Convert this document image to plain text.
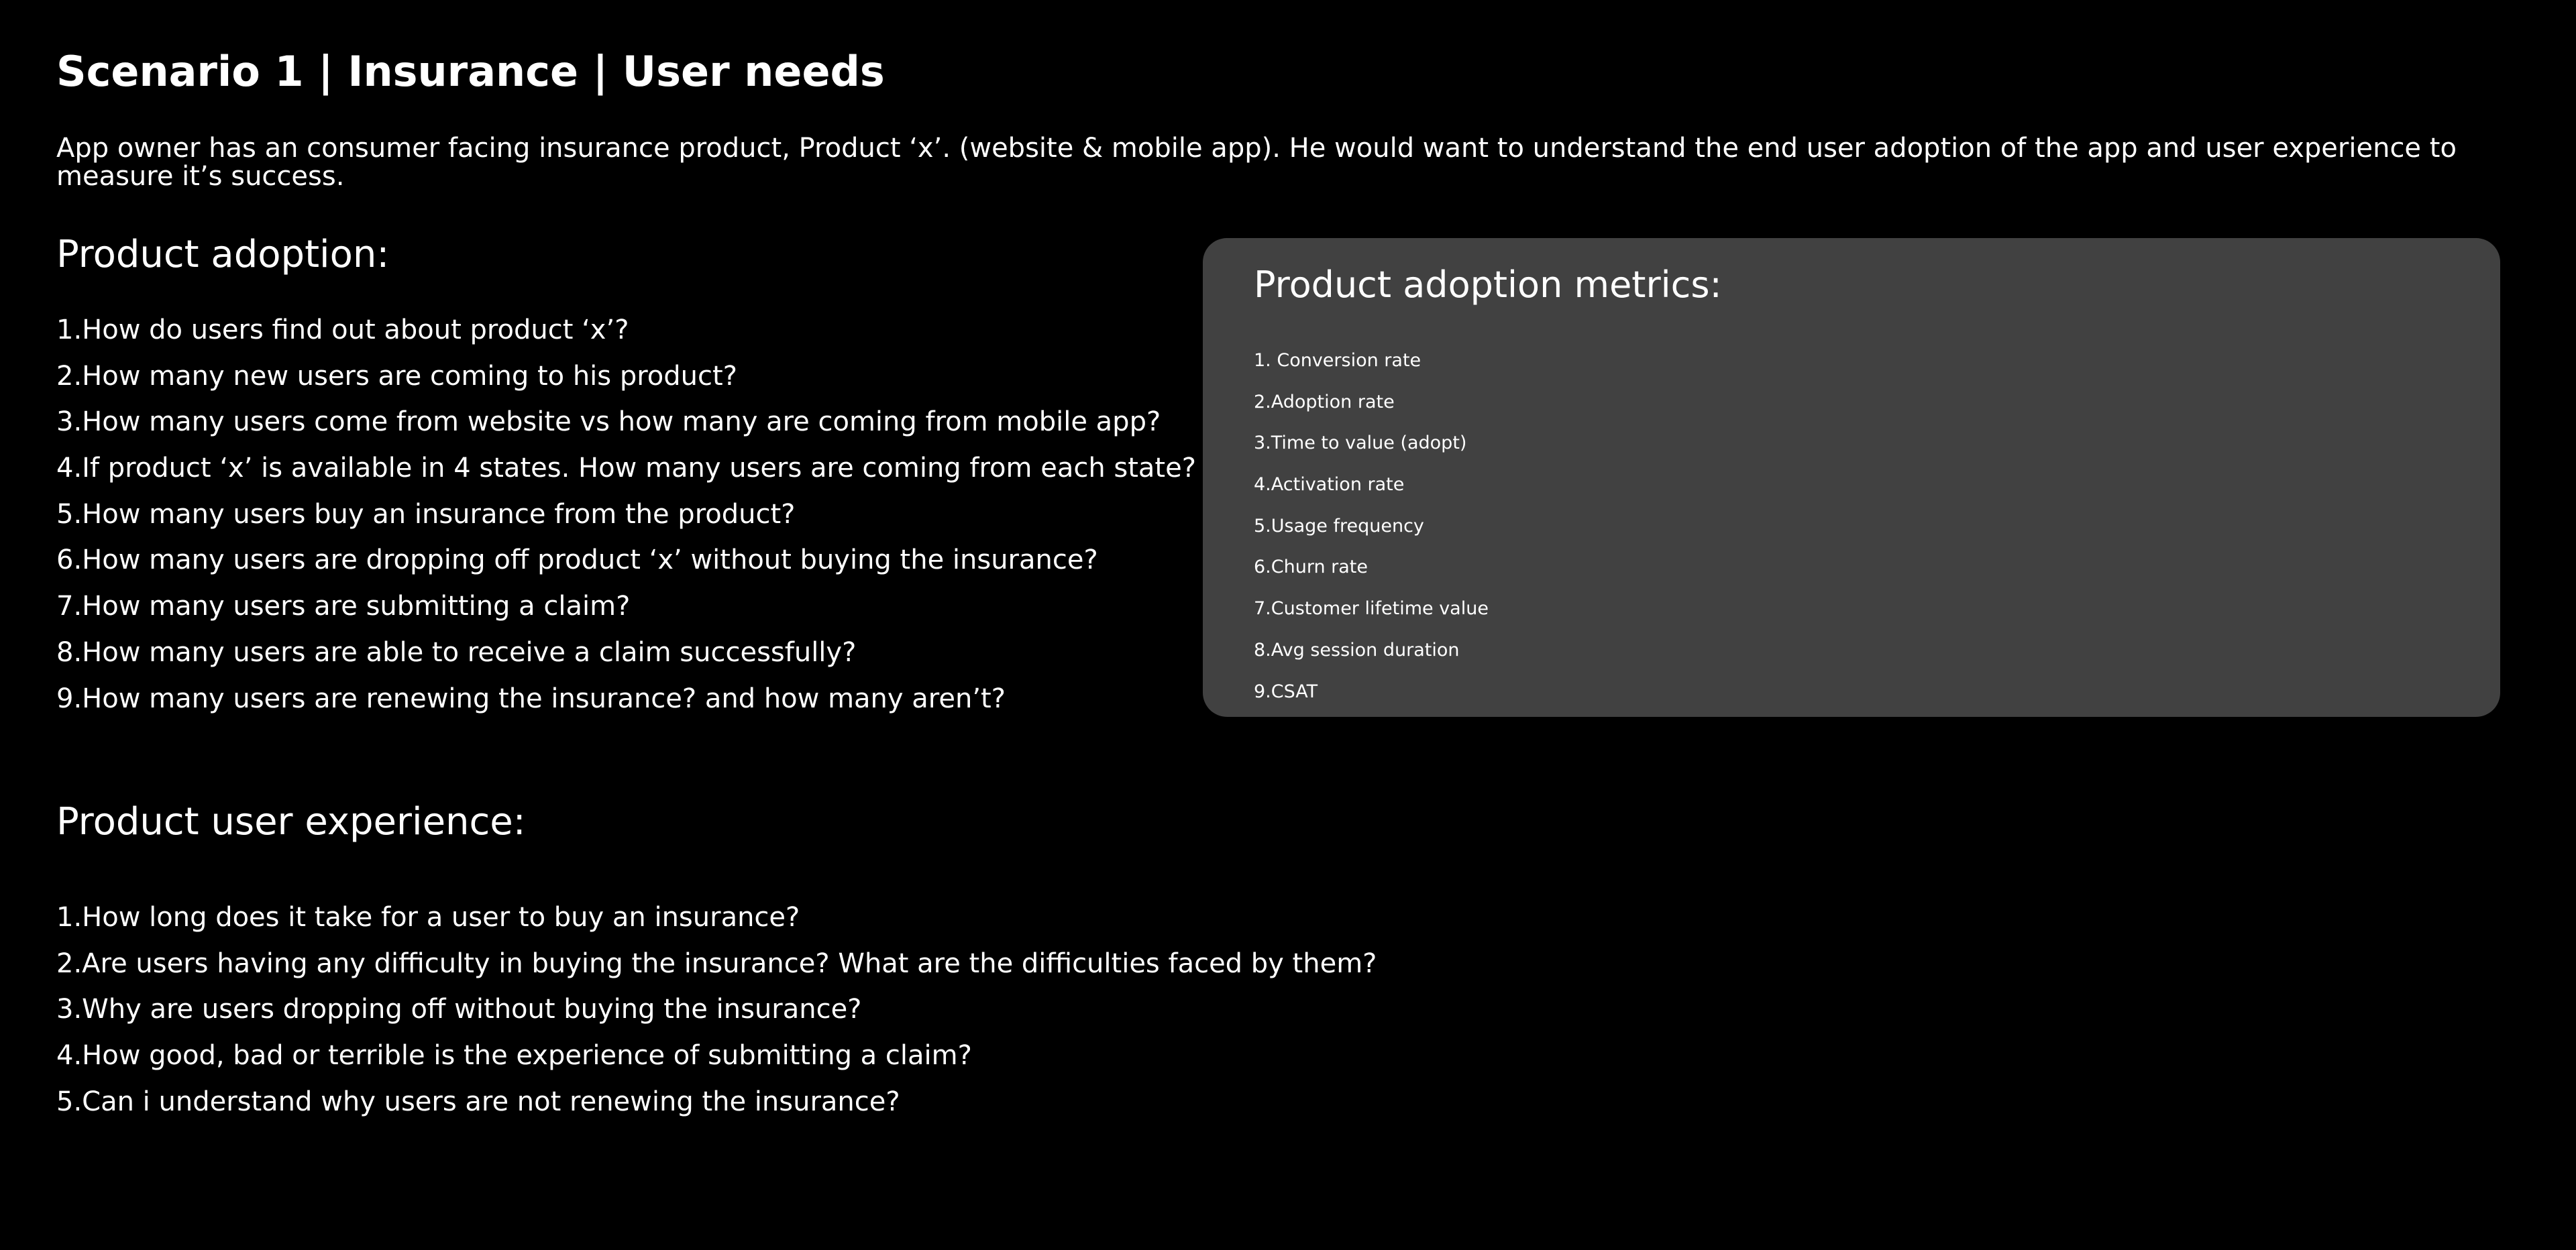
Scenario 1 | Insurance | User needs

App owner has an consumer facing insurance product, Product ‘x’. (website & mobile app). He would want to understand the end user adoption of the app and user experience to measure it’s success.

Product adoption:
1.How do users find out about product ‘x’?
2.How many new users are coming to his product?
3.How many users come from website vs how many are coming from mobile app?
4.If product ‘x’ is available in 4 states. How many users are coming from each state?
5.How many users buy an insurance from the product?
6.How many users are dropping off product ‘x’ without buying the insurance?
7.How many users are submitting a claim?
8.How many users are able to receive a claim successfully?
9.How many users are renewing the insurance? and how many aren’t?
Product adoption metrics:
1. Conversion rate
2.Adoption rate
3.Time to value (adopt)
4.Activation rate
5.Usage frequency
6.Churn rate
7.Customer lifetime value
8.Avg session duration
9.CSAT
Product user experience:
1.How long does it take for a user to buy an insurance?
2.Are users having any difficulty in buying the insurance? What are the difficulties faced by them?
3.Why are users dropping off without buying the insurance?
4.How good, bad or terrible is the experience of submitting a claim?
5.Can i understand why users are not renewing the insurance?
